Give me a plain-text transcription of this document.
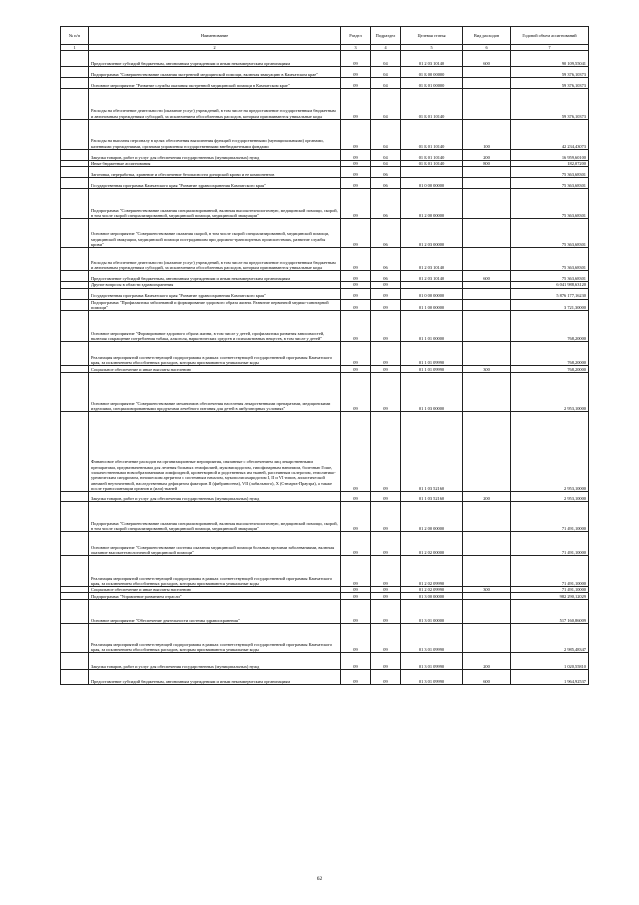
№ п/п	Наименование	Раздел	Подраздел	Целевая статья	Вид расходов	Годовой объем ассигнований
1	2	3	4	5	6	7
	Предоставление субсидий бюджетным, автономным учреждениям и иным некоммерческим организациям	09	04	01 2 03 10140	600	90 109,55041
	Подпрограмма "Совершенствование оказания экстренной медицинской помощи, включая эвакуацию в Камчатском крае"	09	04	01 Б 00 00000		59 376,10373
	Основное мероприятие "Развитие службы оказания экстренной медицинской помощи в Камчатском крае"	09	04	01 Б 01 00000		59 376,10373
	Расходы на обеспечение деятельности (оказание услуг) учреждений, в том числе на предоставление государственным бюджетным и автономным учреждениям субсидий, за исключением обособленных расходов, которым присваиваются уникальные коды	09	04	01 Б 01 10140		59 376,10373
	Расходы на выплаты персоналу в целях обеспечения выполнения функций государственными (муниципальными) органами, казенными учреждениями, органами управления государственными внебюджетными фондами	09	04	01 Б 01 10140	100	42 234,43073
	Закупка товаров, работ и услуг для обеспечения государственных (муниципальных) нужд	09	04	01 Б 01 10140	200	16 959,60100
	Иные бюджетные ассигнования	09	04	01 Б 01 10140	800	182,07200
	Заготовка, переработка, хранение и обеспечение безопасности донорской крови и ее компонентов	09	06			75 363,68301
	Государственная программа Камчатского края "Развитие здравоохранения Камчатского края"	09	06	01 0 00 00000		75 363,68301
	Подпрограмма "Совершенствование оказания специализированной, включая высокотехнологичную, медицинской помощи, скорой, в том числе скорой специализированной, медицинской помощи, медицинской эвакуации"	09	06	01 2 00 00000		75 363,68301
	Основное мероприятие "Совершенствование оказания скорой, в том числе скорой специализированной, медицинской помощи, медицинской эвакуации, медицинской помощи пострадавшим при дорожно-транспортных происшествиях, развитие службы крови"	09	06	01 2 03 00000		75 363,68301
	Расходы на обеспечение деятельности (оказание услуг) учреждений, в том числе на предоставление государственным бюджетным и автономным учреждениям субсидий, за исключением обособленных расходов, которым присваиваются уникальные коды	09	06	01 2 03 10140		75 363,68301
	Предоставление субсидий бюджетным, автономным учреждениям и иным некоммерческим организациям	09	06	01 2 03 10140	600	75 363,68301
	Другие вопросы в области здравоохранения	09	09			6 041 988,63120
	Государственная программа Камчатского края "Развитие здравоохранения Камчатского края"	09	09	01 0 00 00000		5 876 177,16230
	Подпрограмма "Профилактика заболеваний и формирование здорового образа жизни. Развитие первичной медико-санитарной помощи"	09	09	01 1 00 00000		3 721,30000
	Основное мероприятие "Формирование здорового образа жизни, в том числе у детей, профилактика развития зависимостей, включая сокращение потребления табака, алкоголя, наркотических средств и психоактивных веществ, в том числе у детей"	09	09	01 1 01 00000		768,20000
	Реализация мероприятий соответствующей подпрограммы в рамках соответствующей государственной программы Камчатского края, за исключением обособленных расходов, которым присваиваются уникальные коды	09	09	01 1 01 09990		768,20000
	Социальное обеспечение и иные выплаты населению	09	09	01 1 01 09990	300	768,20000
	Основное мероприятие "Совершенствование механизмов обеспечения населения лекарственными препаратами, медицинскими изделиями, специализированными продуктами лечебного питания для детей в амбулаторных условиях"	09	09	01 1 03 00000		2 953,10000
	Финансовое обеспечение расходов на организационные мероприятия, связанные с обеспечением лиц лекарственными препаратами, предназначенными для лечения больных гемофилией, муковисцидозом, гипофизарным нанизмом, болезнью Гоше, злокачественными новообразованиями лимфоидной, кроветворной и родственных им тканей, рассеянным склерозом, гемолитико-уремическим синдромом, юношеским артритом с системным началом, мукополисахаридозом I, II и VI типов, апластической анемией неуточненной, наследственным дефицитом факторов II (фибриногена), VII (лабильного), X (Стюарта-Прауэра), а также после трансплантации органов и (или) тканей	09	09	01 1 03 52160		2 953,10000
	Закупка товаров, работ и услуг для обеспечения государственных (муниципальных) нужд	09	09	01 1 03 52160	200	2 953,10000
	Подпрограмма "Совершенствование оказания специализированной, включая высокотехнологичную, медицинской помощи, скорой, в том числе скорой специализированной, медицинской помощи, медицинской эвакуации"	09	09	01 2 00 00000		71 491,10000
	Основное мероприятие "Совершенствование системы оказания медицинской помощи больным прочими заболеваниями, включая оказание высокотехнологичной медицинской помощи"	09	09	01 2 02 00000		71 491,10000
	Реализация мероприятий соответствующей подпрограммы в рамках соответствующей государственной программы Камчатского края, за исключением обособленных расходов, которым присваиваются уникальные коды	09	09	01 2 02 09990		71 491,10000
	Социальное обеспечение и иные выплаты населению	09	09	01 2 02 09990	300	71 491,10000
	Подпрограмма "Управление развитием отрасли"	09	09	01 3 00 00000		982 290,12029
	Основное мероприятие "Обеспечение деятельности системы здравоохранения"	09	09	01 3 01 00000		517 160,86009
	Реализация мероприятий соответствующей подпрограммы в рамках соответствующей государственной программы Камчатского края, за исключением обособленных расходов, которым присваиваются уникальные коды	09	09	01 3 01 09990		2 985,48347
	Закупка товаров, работ и услуг для обеспечения государственных (муниципальных) нужд	09	09	01 3 01 09990	200	1 020,55810
	Предоставление субсидий бюджетным, автономным учреждениям и иным некоммерческим организациям	09	09	01 3 01 09990	600	1 964,92537
62
